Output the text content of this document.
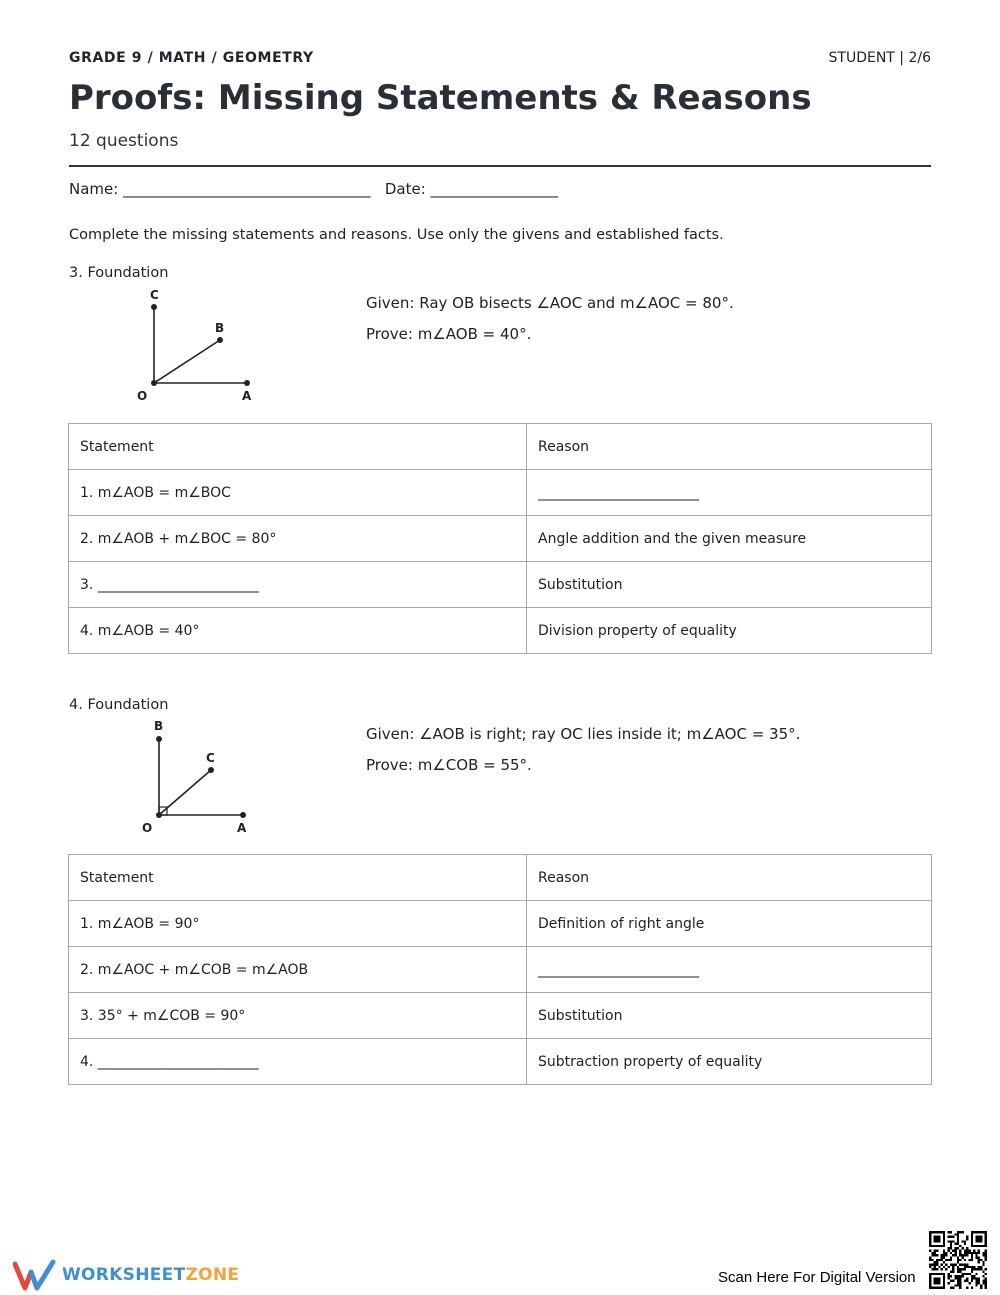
GRADE 9 / MATH / GEOMETRY	STUDENT | 2/6
Proofs: Missing Statements & Reasons
12 questions
Name: _________________________________   Date: _________________
Complete the missing statements and reasons. Use only the givens and established facts.
3. Foundation
C
B
O	A
Given: Ray OB bisects ∠AOC and m∠AOC = 80°.
Prove: m∠AOB = 40°.
Statement	Reason
1. m∠AOB = m∠BOC	_______________________
2. m∠AOB + m∠BOC = 80°	Angle addition and the given measure
3. _______________________	Substitution
4. m∠AOB = 40°	Division property of equality
4. Foundation
B
C
O	A
Given: ∠AOB is right; ray OC lies inside it; m∠AOC = 35°.
Prove: m∠COB = 55°.
Statement	Reason
1. m∠AOB = 90°	Definition of right angle
2. m∠AOC + m∠COB = m∠AOB	_______________________
3. 35° + m∠COB = 90°	Substitution
4. _______________________	Subtraction property of equality
WORKSHEETZONE	Scan Here For Digital Version
